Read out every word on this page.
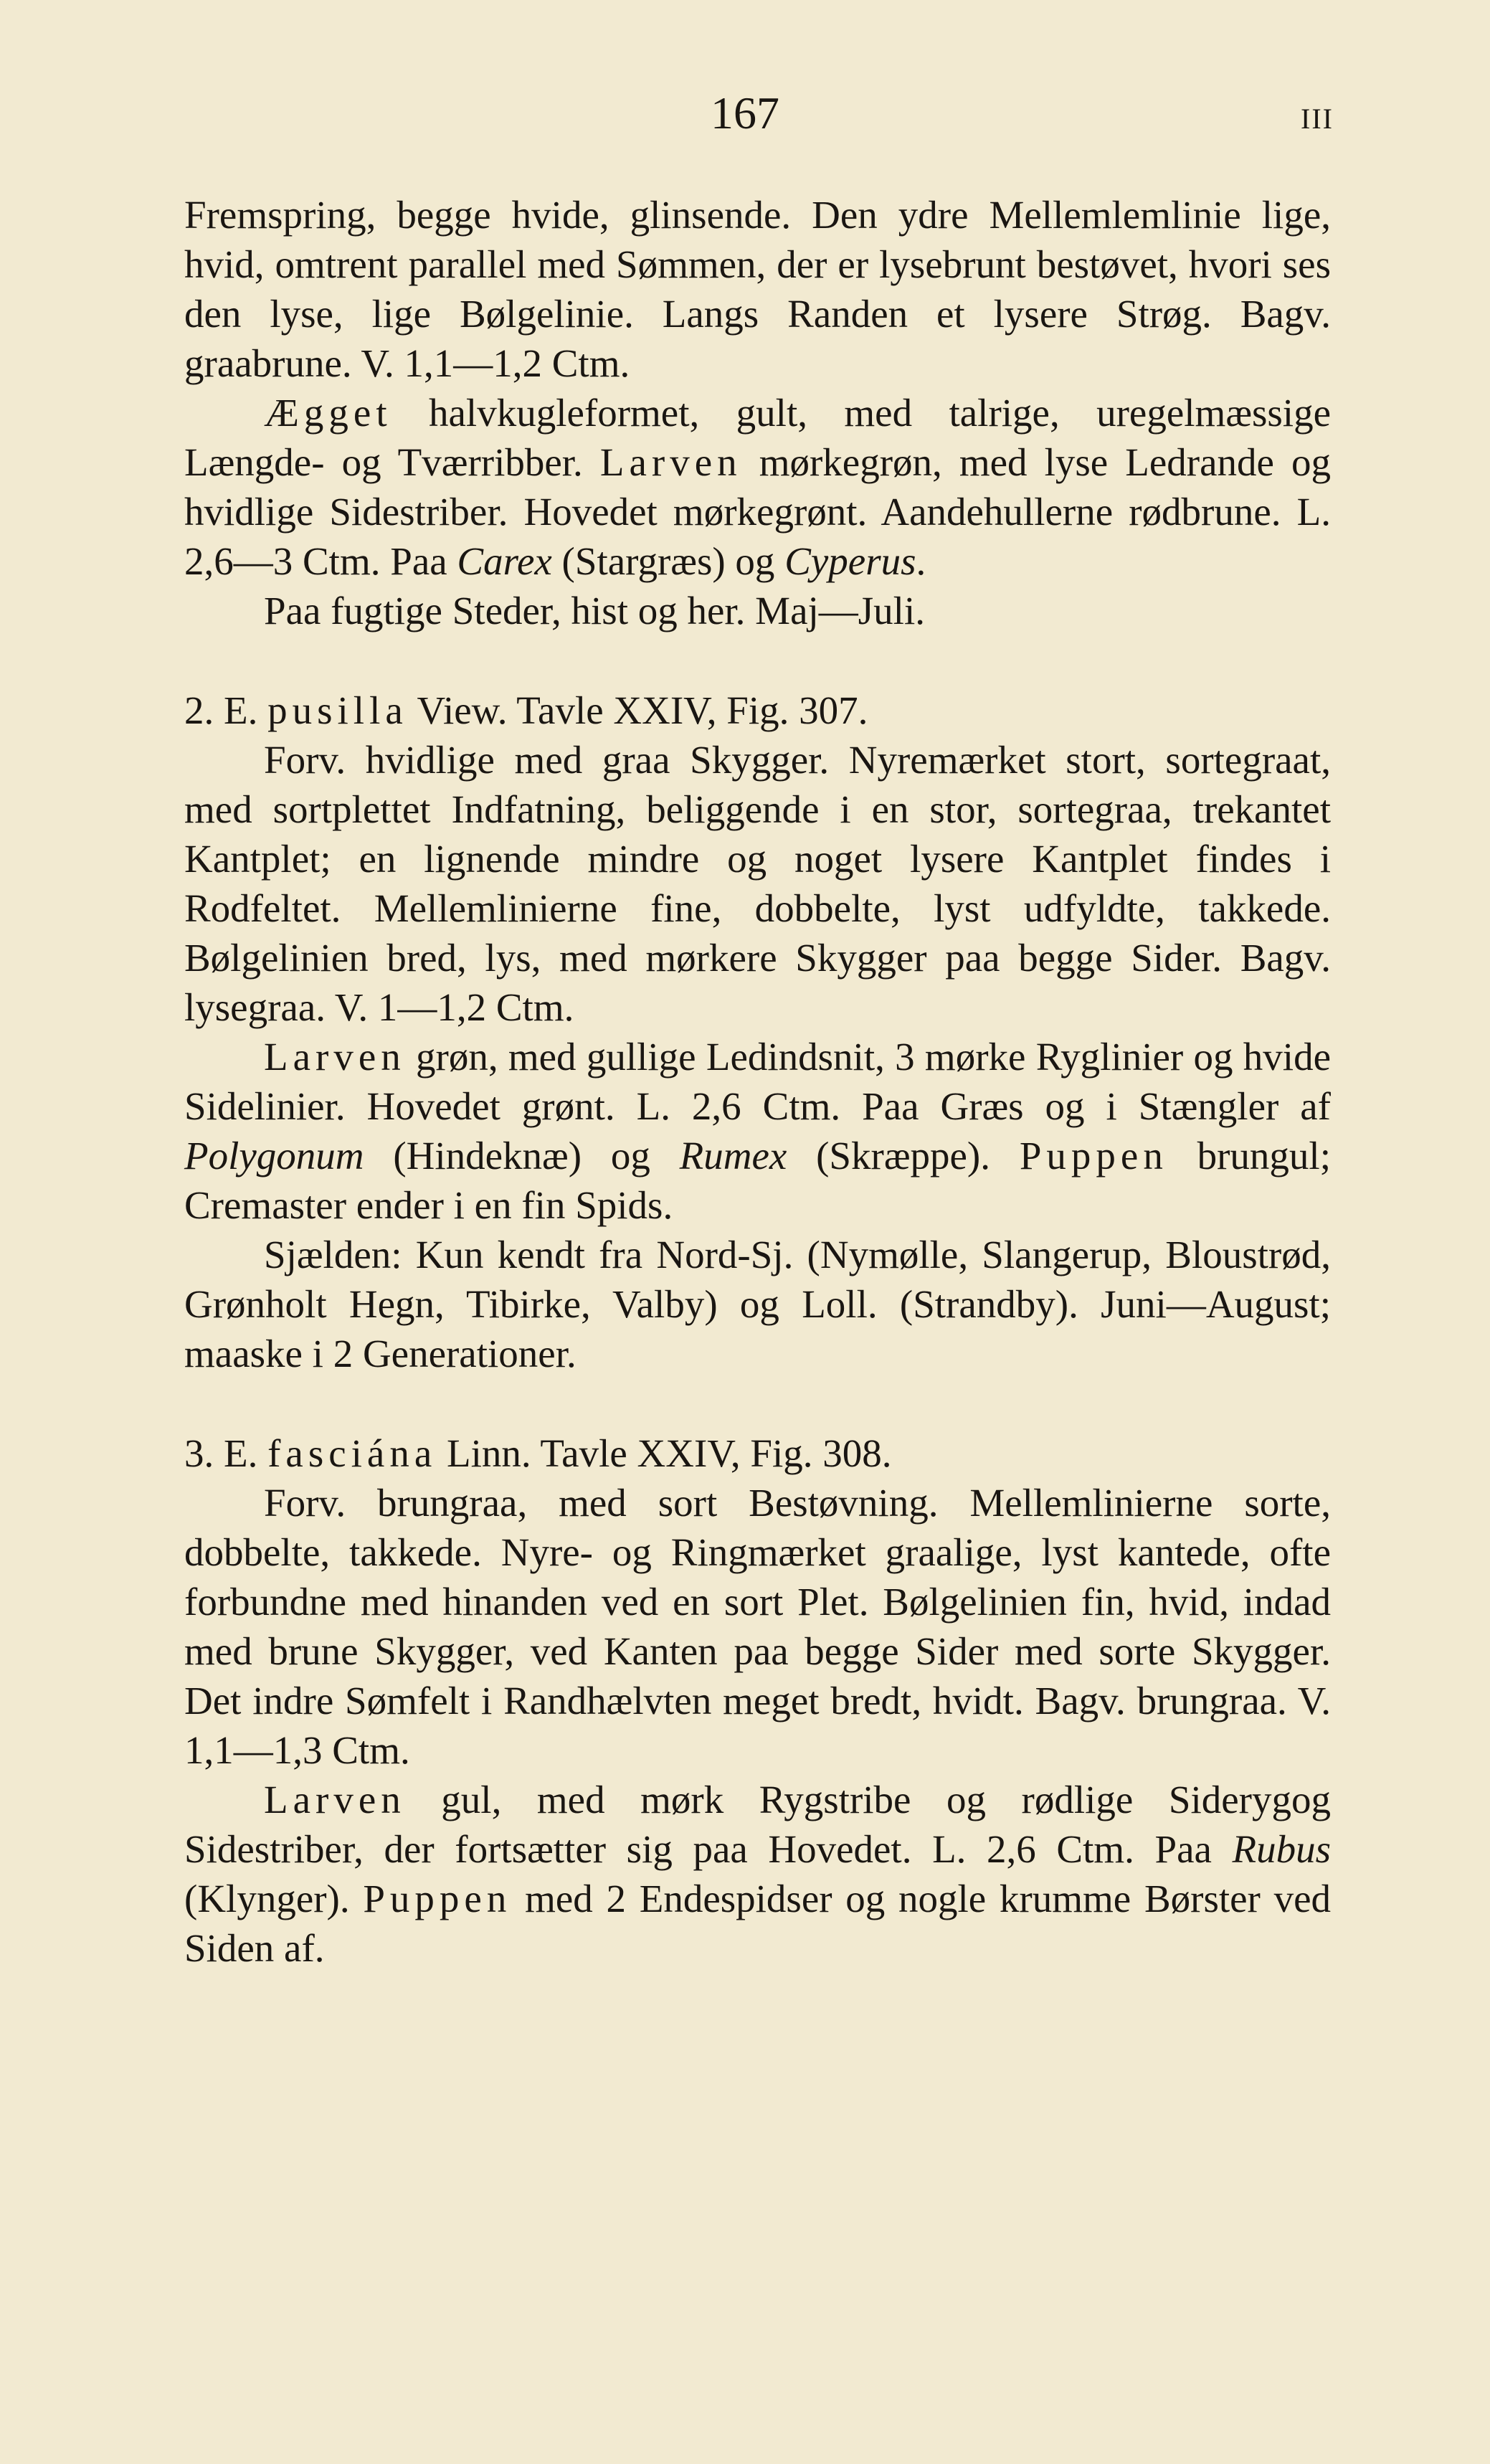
167	III

Fremspring, begge hvide, glinsende. Den ydre Mellemlemlinie lige, hvid, omtrent parallel med Sømmen, der er lysebrunt bestøvet, hvori ses den lyse, lige Bølgelinie. Langs Randen et lysere Strøg. Bagv. graabrune. V. 1,1—1,2 Ctm.

Ægget halvkugleformet, gult, med talrige, uregelmæssige Længde- og Tværribber. Larven mørkegrøn, med lyse Ledrande og hvidlige Sidestriber. Hovedet mørkegrønt. Aandehullerne rødbrune. L. 2,6—3 Ctm. Paa Carex (Stargræs) og Cyperus.

Paa fugtige Steder, hist og her. Maj—Juli.

2. E. pusilla View. Tavle XXIV, Fig. 307.

Forv. hvidlige med graa Skygger. Nyremærket stort, sortegraat, med sortplettet Indfatning, beliggende i en stor, sortegraa, trekantet Kantplet; en lignende mindre og noget lysere Kantplet findes i Rodfeltet. Mellemlinierne fine, dobbelte, lyst udfyldte, takkede. Bølgelinien bred, lys, med mørkere Skygger paa begge Sider. Bagv. lysegraa. V. 1—1,2 Ctm.

Larven grøn, med gullige Ledindsnit, 3 mørke Ryglinier og hvide Sidelinier. Hovedet grønt. L. 2,6 Ctm. Paa Græs og i Stængler af Polygonum (Hindeknæ) og Rumex (Skræppe). Puppen brungul; Cremaster ender i en fin Spids.

Sjælden: Kun kendt fra Nord-Sj. (Nymølle, Slangerup, Bloustrød, Grønholt Hegn, Tibirke, Valby) og Loll. (Strandby). Juni—August; maaske i 2 Generationer.

3. E. fasciána Linn. Tavle XXIV, Fig. 308.

Forv. brungraa, med sort Bestøvning. Mellemlinierne sorte, dobbelte, takkede. Nyre- og Ringmærket graalige, lyst kantede, ofte forbundne med hinanden ved en sort Plet. Bølgelinien fin, hvid, indad med brune Skygger, ved Kanten paa begge Sider med sorte Skygger. Det indre Sømfelt i Randhælvten meget bredt, hvidt. Bagv. brungraa. V. 1,1—1,3 Ctm.

Larven gul, med mørk Rygstribe og rødlige Siderygog Sidestriber, der fortsætter sig paa Hovedet. L. 2,6 Ctm. Paa Rubus (Klynger). Puppen med 2 Endespidser og nogle krumme Børster ved Siden af.
